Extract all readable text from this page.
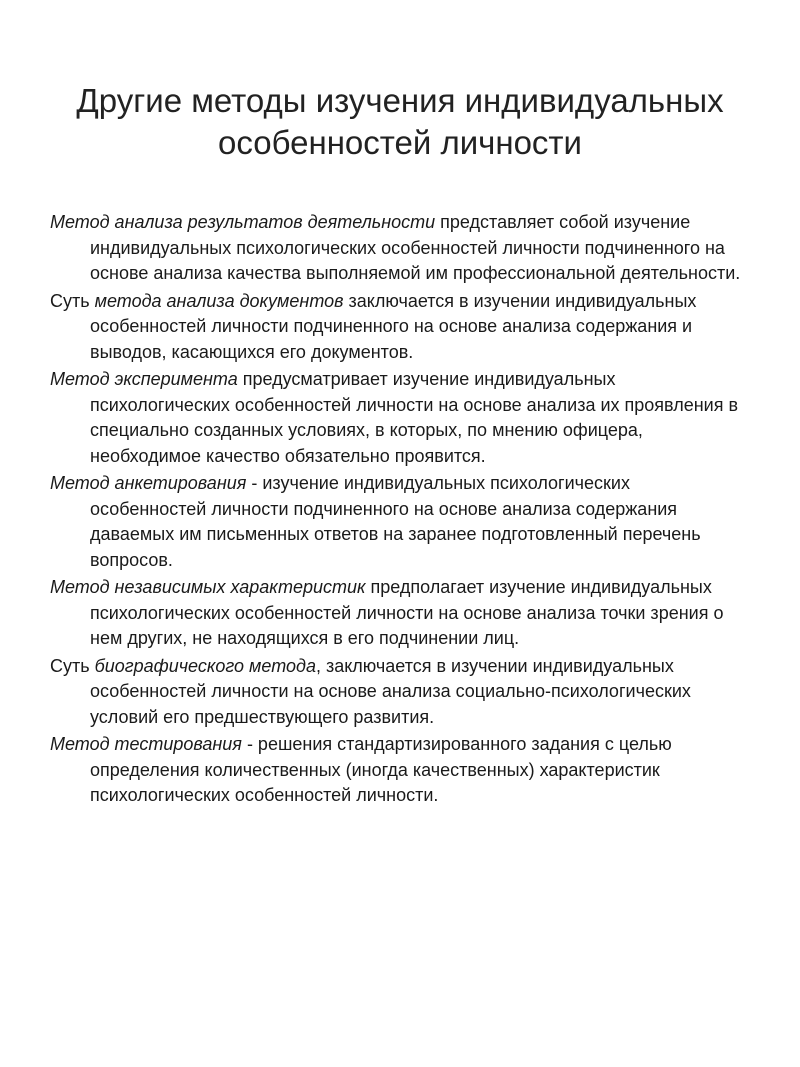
Другие методы изучения индивидуальных
особенностей личности

Метод анализа результатов деятельности представляет собой изучение индивидуальных психологических особенностей личности подчиненного на основе анализа качества выполняемой им профессиональной деятельности.

Суть метода анализа документов заключается в изучении индивидуальных особенностей личности подчиненного на основе анализа содержания и выводов, касающихся его документов.

Метод эксперимента предусматривает изучение индивидуальных психологических особенностей личности на основе анализа их проявления в специально созданных условиях, в которых, по мнению офицера, необходимое качество обязательно проявится.

Метод анкетирования - изучение индивидуальных психологических особенностей личности подчиненного на основе анализа содержания даваемых им письменных ответов на заранее подготовленный перечень вопросов.

Метод независимых характеристик предполагает изучение индивидуальных психологических особенностей личности на основе анализа точки зрения о нем других, не находящихся в его подчинении лиц.

Суть биографического метода, заключается в изучении индивидуальных особенностей личности на основе анализа социально-психологических условий его предшествующего развития.

Метод тестирования - решения стандартизированного задания с целью определения количественных (иногда качественных) характеристик психологических особенностей личности.
